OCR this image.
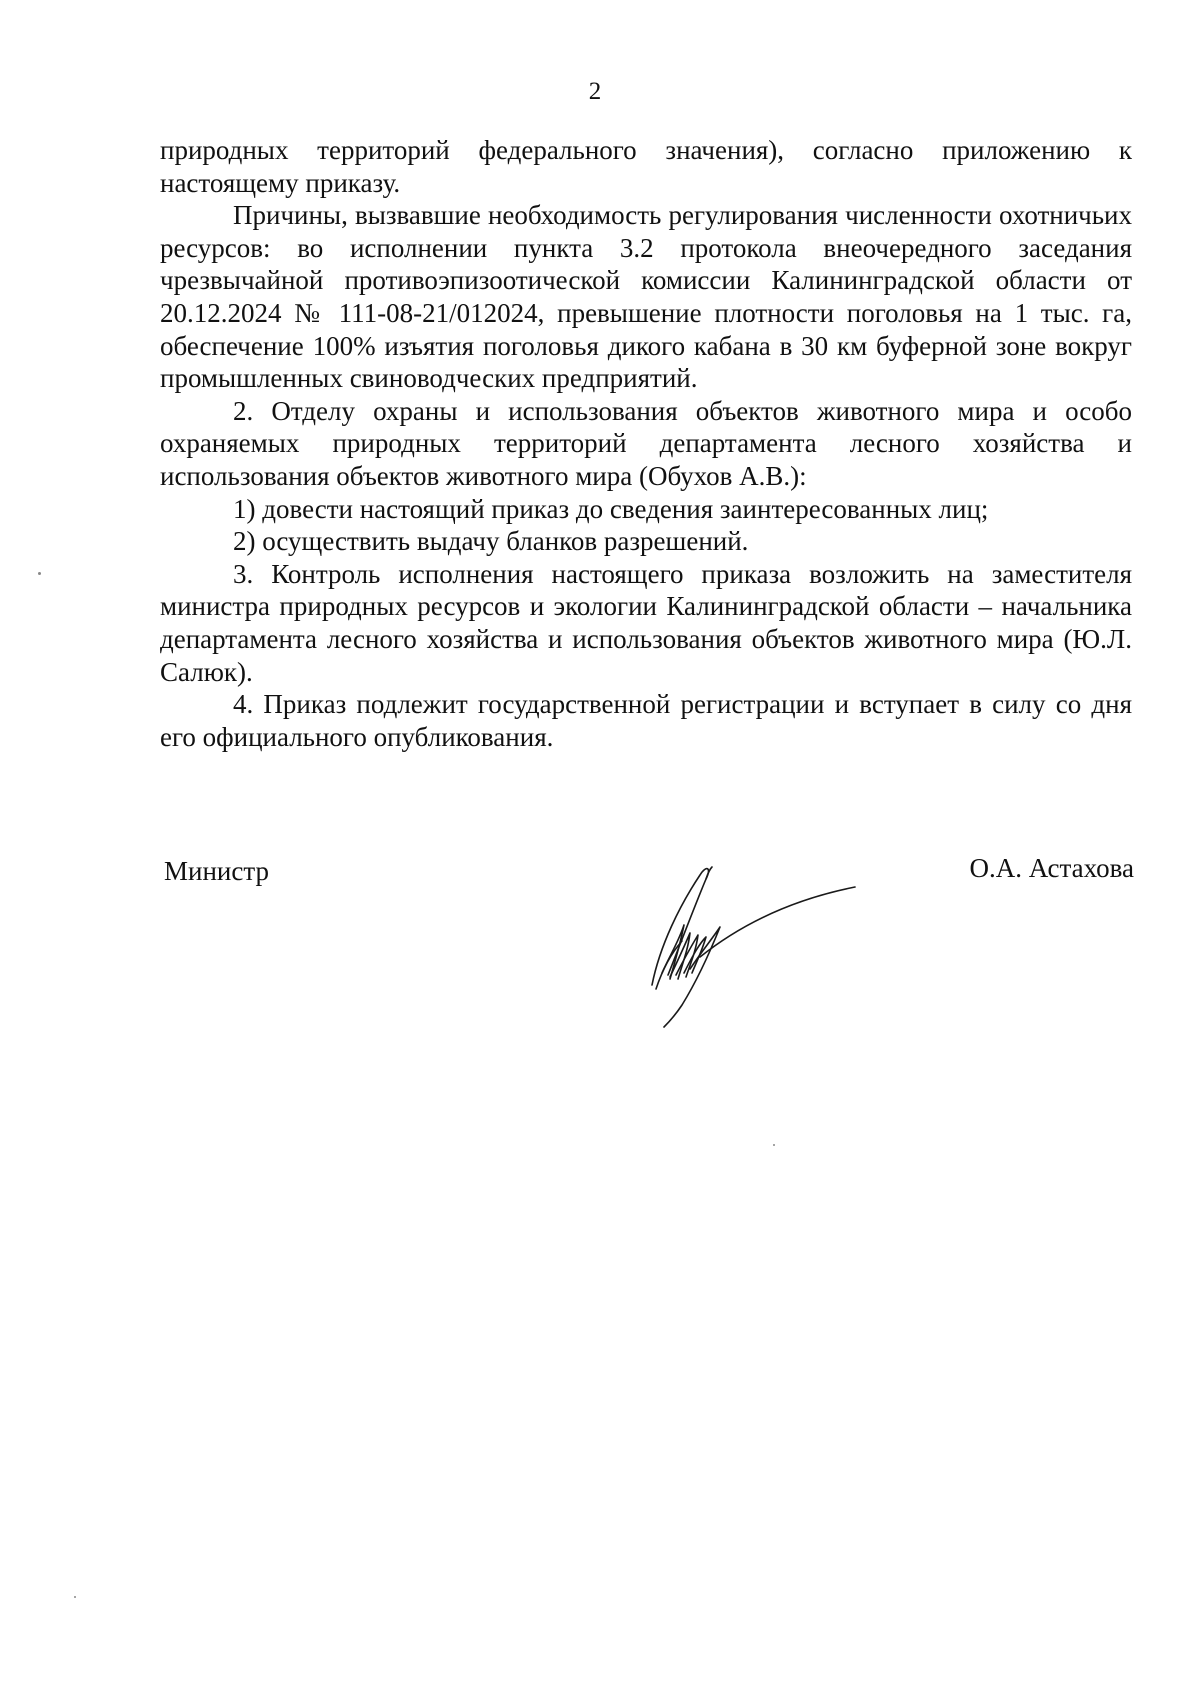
2

природных территорий федерального значения), согласно приложению к настоящему приказу.

Причины, вызвавшие необходимость регулирования численности охотничьих ресурсов: во исполнении пункта 3.2 протокола внеочередного заседания чрезвычайной противоэпизоотической комиссии Калининградской области от 20.12.2024 № 111-08-21/012024, превышение плотности поголовья на 1 тыс. га, обеспечение 100% изъятия поголовья дикого кабана в 30 км буферной зоне вокруг промышленных свиноводческих предприятий.

2. Отделу охраны и использования объектов животного мира и особо охраняемых природных территорий департамента лесного хозяйства и использования объектов животного мира (Обухов А.В.):

1) довести настоящий приказ до сведения заинтересованных лиц;

2) осуществить выдачу бланков разрешений.

3. Контроль исполнения настоящего приказа возложить на заместителя министра природных ресурсов и экологии Калининградской области – начальника департамента лесного хозяйства и использования объектов животного мира (Ю.Л. Салюк).

4. Приказ подлежит государственной регистрации и вступает в силу со дня его официального опубликования.

Министр	О.А. Астахова
